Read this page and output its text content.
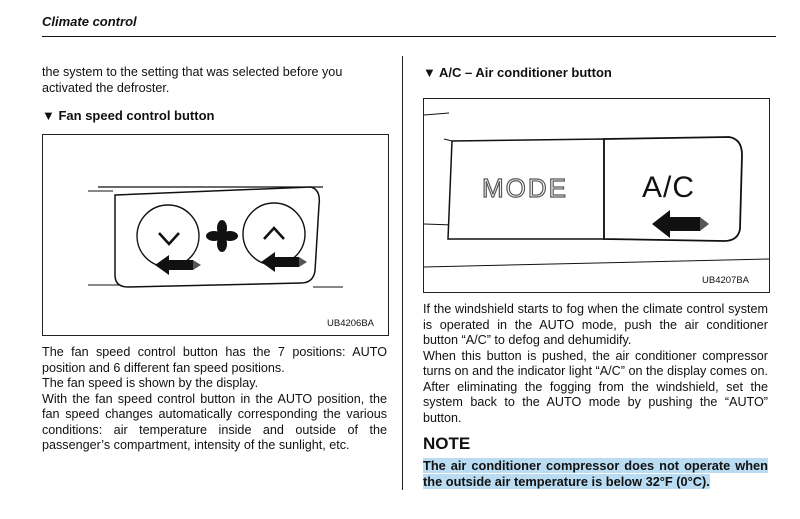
Climate control
the system to the setting that was selected before you activated the defroster.
▼ Fan speed control button
UB4206BA

The fan speed control button has the 7 positions: AUTO position and 6 different fan speed positions.

The fan speed is shown by the display.

With the fan speed control button in the AUTO position, the fan speed changes automatically corresponding the various conditions: air temperature inside and outside of the passenger’s compartment, intensity of the sunlight, etc.

▼ A/C – Air conditioner button
MODE A/C
UB4207BA

If the windshield starts to fog when the climate control system is operated in the AUTO mode, push the air conditioner button “A/C” to defog and dehumidify.

When this button is pushed, the air conditioner compressor turns on and the indicator light “A/C” on the display comes on. After eliminating the fogging from the windshield, set the system back to the AUTO mode by pushing the “AUTO” button.

NOTE
The air conditioner compressor does not operate when the outside air temperature is below 32°F (0°C).
